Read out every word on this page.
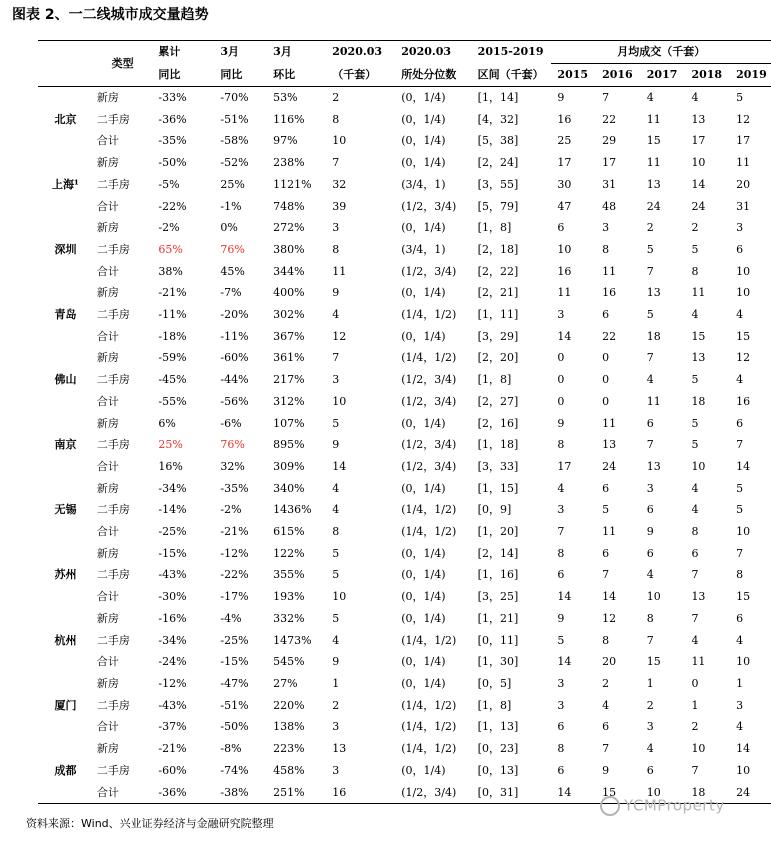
图表 2、一二线城市成交量趋势
	类型	累计	3月	3月	2020.03	2020.03	2015-2019	月均成交（千套）				
		同比	同比	环比	（千套）	所处分位数	区间（千套）	2015	2016	2017	2018	2019
北京	新房	-33%	-70%	53%	2	(0，1/4)	[1，14]	9	7	4	4	5
	二手房	-36%	-51%	116%	8	(0，1/4)	[4，32]	16	22	11	13	12
	合计	-35%	-58%	97%	10	(0，1/4)	[5，38]	25	29	15	17	17
上海¹	新房	-50%	-52%	238%	7	(0，1/4)	[2，24]	17	17	11	10	11
	二手房	-5%	25%	1121%	32	(3/4，1)	[3，55]	30	31	13	14	20
	合计	-22%	-1%	748%	39	(1/2，3/4)	[5，79]	47	48	24	24	31
深圳	新房	-2%	0%	272%	3	(0，1/4)	[1，8]	6	3	2	2	3
	二手房	65%	76%	380%	8	(3/4，1)	[2，18]	10	8	5	5	6
	合计	38%	45%	344%	11	(1/2，3/4)	[2，22]	16	11	7	8	10
青岛	新房	-21%	-7%	400%	9	(0，1/4)	[2，21]	11	16	13	11	10
	二手房	-11%	-20%	302%	4	(1/4，1/2)	[1，11]	3	6	5	4	4
	合计	-18%	-11%	367%	12	(0，1/4)	[3，29]	14	22	18	15	15
佛山	新房	-59%	-60%	361%	7	(1/4，1/2)	[2，20]	0	0	7	13	12
	二手房	-45%	-44%	217%	3	(1/2，3/4)	[1，8]	0	0	4	5	4
	合计	-55%	-56%	312%	10	(1/2，3/4)	[2，27]	0	0	11	18	16
南京	新房	6%	-6%	107%	5	(0，1/4)	[2，16]	9	11	6	5	6
	二手房	25%	76%	895%	9	(1/2，3/4)	[1，18]	8	13	7	5	7
	合计	16%	32%	309%	14	(1/2，3/4)	[3，33]	17	24	13	10	14
无锡	新房	-34%	-35%	340%	4	(0，1/4)	[1，15]	4	6	3	4	5
	二手房	-14%	-2%	1436%	4	(1/4，1/2)	[0，9]	3	5	6	4	5
	合计	-25%	-21%	615%	8	(1/4，1/2)	[1，20]	7	11	9	8	10
苏州	新房	-15%	-12%	122%	5	(0，1/4)	[2，14]	8	6	6	6	7
	二手房	-43%	-22%	355%	5	(0，1/4)	[1，16]	6	7	4	7	8
	合计	-30%	-17%	193%	10	(0，1/4)	[3，25]	14	14	10	13	15
杭州	新房	-16%	-4%	332%	5	(0，1/4)	[1，21]	9	12	8	7	6
	二手房	-34%	-25%	1473%	4	(1/4，1/2)	[0，11]	5	8	7	4	4
	合计	-24%	-15%	545%	9	(0，1/4)	[1，30]	14	20	15	11	10
厦门	新房	-12%	-47%	27%	1	(0，1/4)	[0，5]	3	2	1	0	1
	二手房	-43%	-51%	220%	2	(1/4，1/2)	[1，8]	3	4	2	1	3
	合计	-37%	-50%	138%	3	(1/4，1/2)	[1，13]	6	6	3	2	4
成都	新房	-21%	-8%	223%	13	(1/4，1/2)	[0，23]	8	7	4	10	14
	二手房	-60%	-74%	458%	3	(0，1/4)	[0，13]	6	9	6	7	10
	合计	-36%	-38%	251%	16	(1/2，3/4)	[0，31]	14	15	10	18	24
资料来源：Wind、兴业证券经济与金融研究院整理
YCMProperty
